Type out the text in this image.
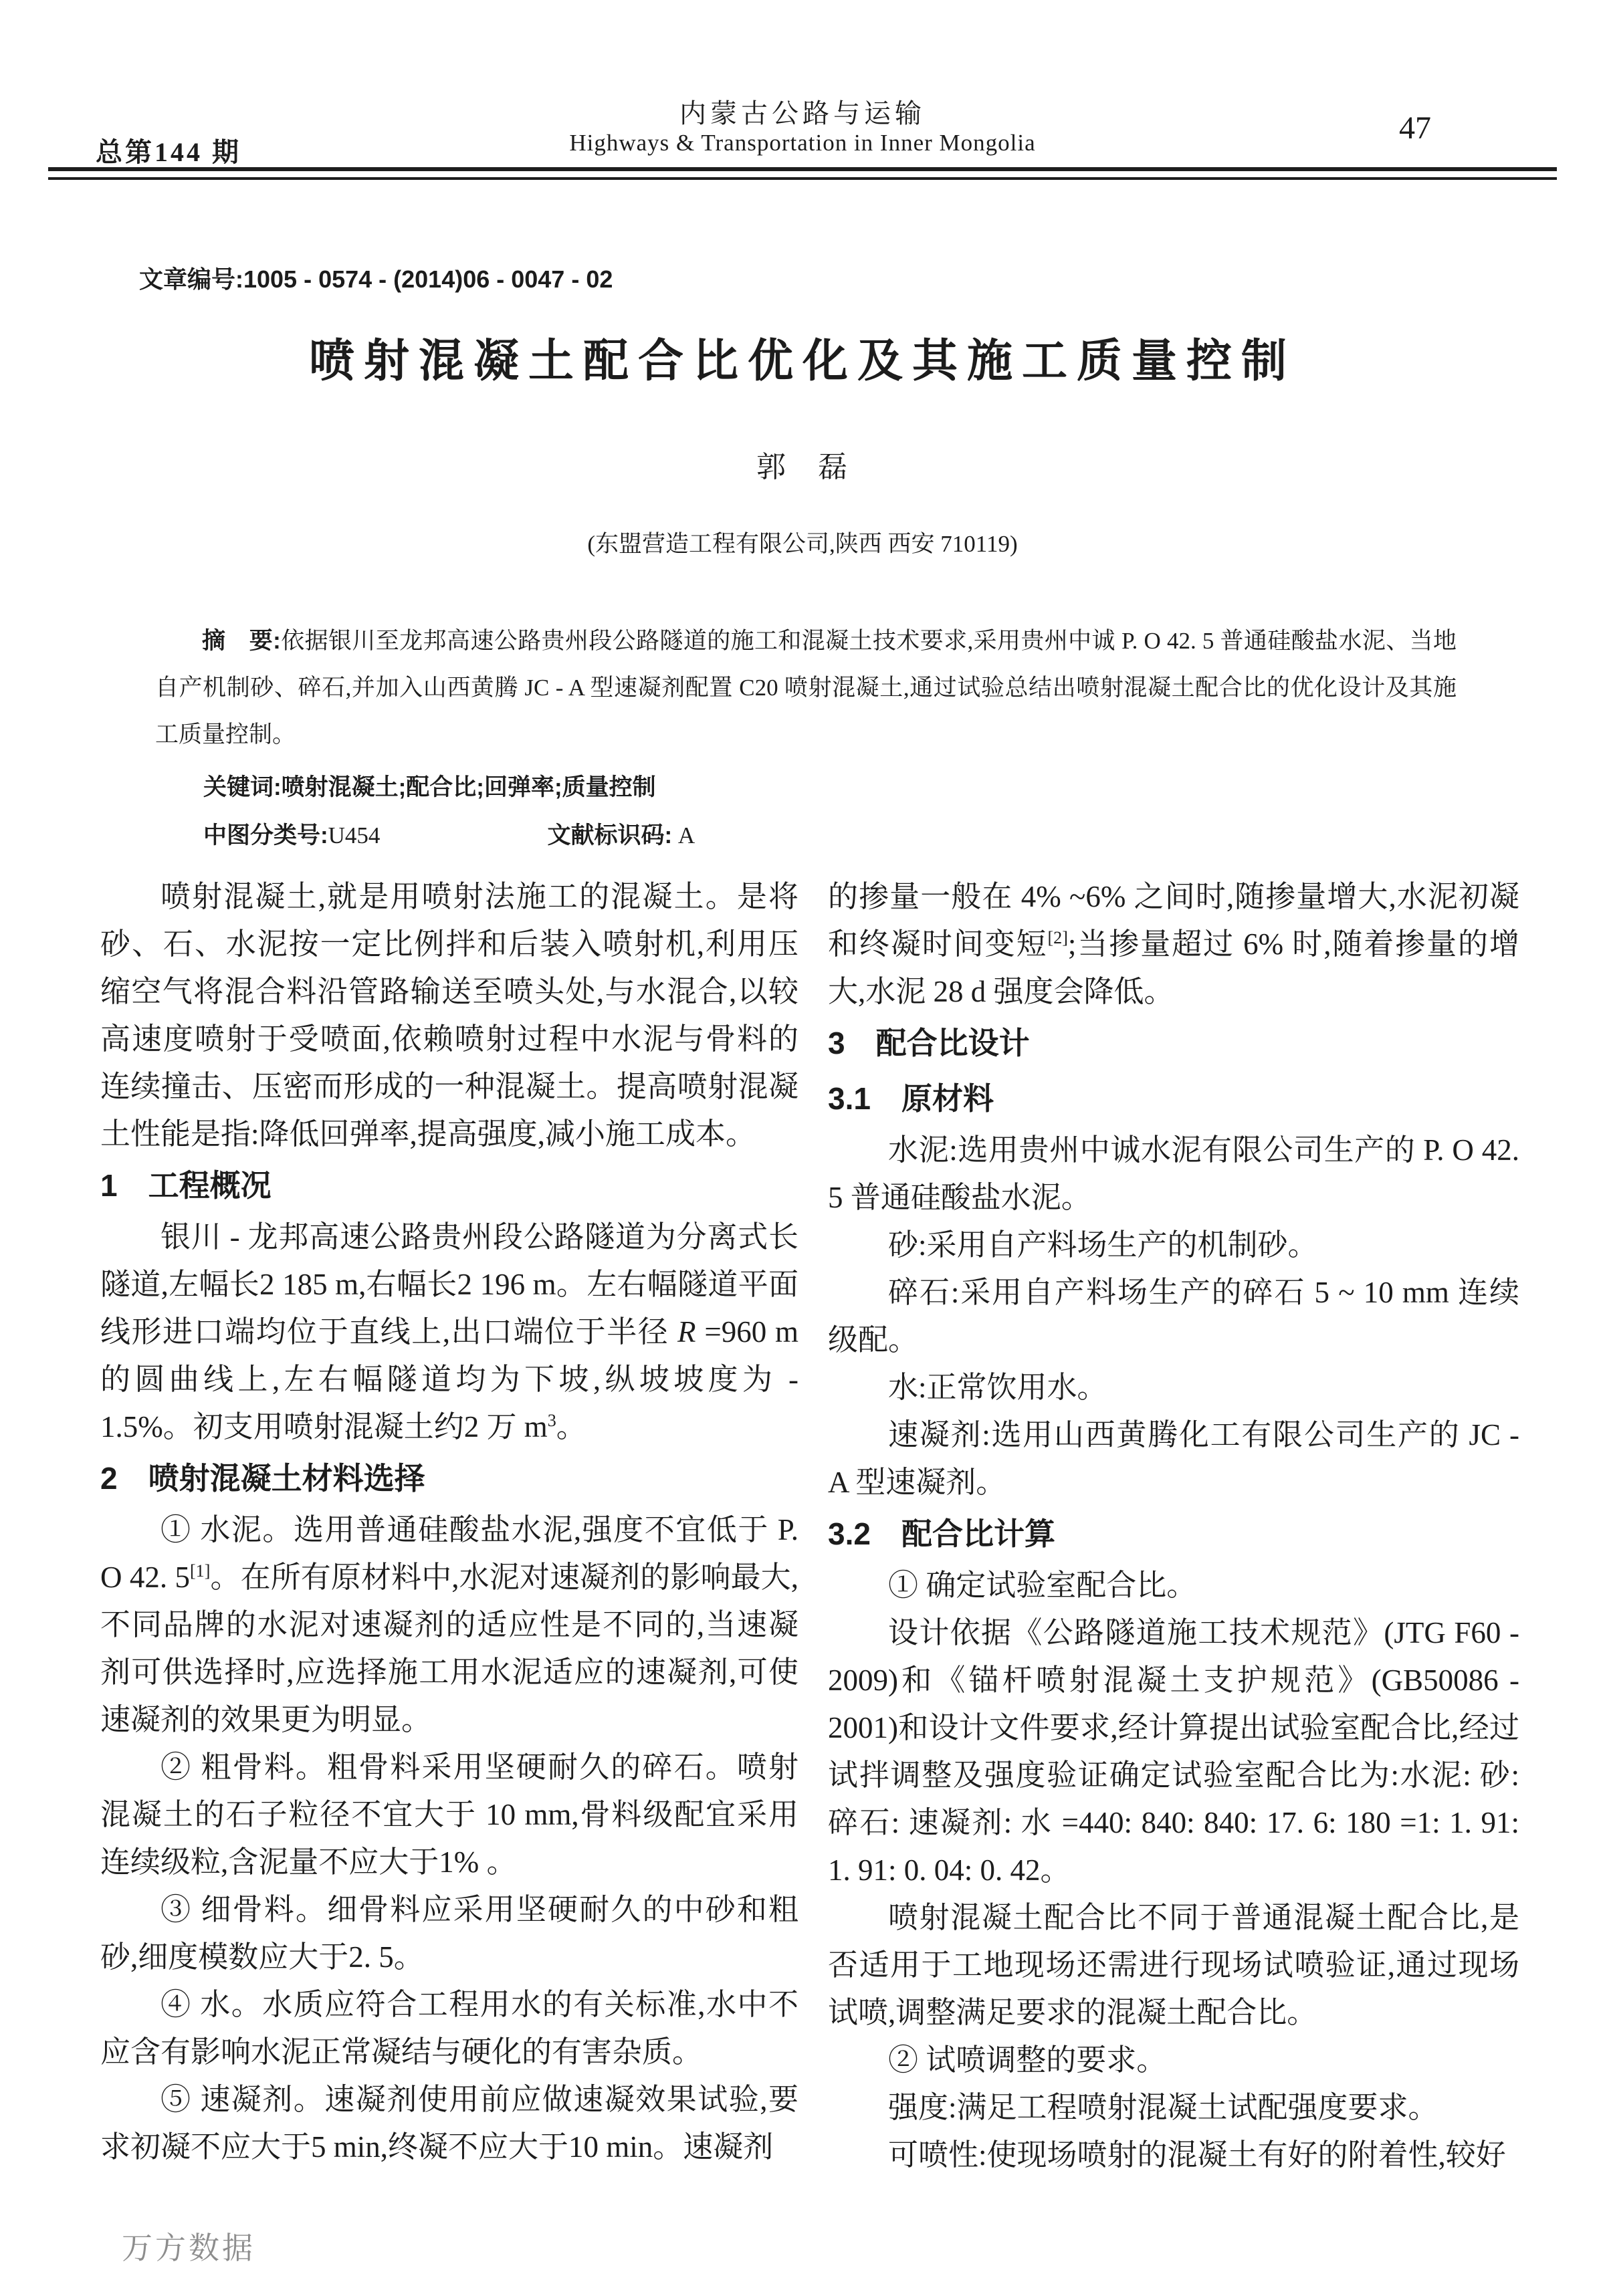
总第144 期
内蒙古公路与运输
Highways & Transportation in Inner Mongolia	47
文章编号:1005 - 0574 - (2014)06 - 0047 - 02
喷射混凝土配合比优化及其施工质量控制
郭　磊
(东盟营造工程有限公司,陕西 西安 710119)
摘　要:依据银川至龙邦高速公路贵州段公路隧道的施工和混凝土技术要求,采用贵州中诚 P. O 42. 5 普通硅酸盐水泥、当地自产机制砂、碎石,并加入山西黄腾 JC - A 型速凝剂配置 C20 喷射混凝土,通过试验总结出喷射混凝土配合比的优化设计及其施工质量控制。
关键词:喷射混凝土;配合比;回弹率;质量控制
中图分类号:U454	文献标识码: A

喷射混凝土,就是用喷射法施工的混凝土。是将砂、石、水泥按一定比例拌和后装入喷射机,利用压缩空气将混合料沿管路输送至喷头处,与水混合,以较高速度喷射于受喷面,依赖喷射过程中水泥与骨料的连续撞击、压密而形成的一种混凝土。提高喷射混凝土性能是指:降低回弹率,提高强度,减小施工成本。

1　工程概况

银川 - 龙邦高速公路贵州段公路隧道为分离式长隧道,左幅长2 185 m,右幅长2 196 m。左右幅隧道平面线形进口端均位于直线上,出口端位于半径 R =960 m 的圆曲线上,左右幅隧道均为下坡,纵坡坡度为 - 1.5%。初支用喷射混凝土约2 万 $m^3$。

2　喷射混凝土材料选择

① 水泥。选用普通硅酸盐水泥,强度不宜低于 P. O 42. 5[1]。在所有原材料中,水泥对速凝剂的影响最大,不同品牌的水泥对速凝剂的适应性是不同的,当速凝剂可供选择时,应选择施工用水泥适应的速凝剂,可使速凝剂的效果更为明显。

② 粗骨料。粗骨料采用坚硬耐久的碎石。喷射混凝土的石子粒径不宜大于 10 mm,骨料级配宜采用连续级粒,含泥量不应大于1% 。

③ 细骨料。细骨料应采用坚硬耐久的中砂和粗砂,细度模数应大于2. 5。

④ 水。水质应符合工程用水的有关标准,水中不应含有影响水泥正常凝结与硬化的有害杂质。

⑤ 速凝剂。速凝剂使用前应做速凝效果试验,要求初凝不应大于5 min,终凝不应大于10 min。速凝剂

的掺量一般在 4% ~6% 之间时,随掺量增大,水泥初凝和终凝时间变短[2];当掺量超过 6% 时,随着掺量的增大,水泥 28 d 强度会降低。

3　配合比设计

3.1　原材料

水泥:选用贵州中诚水泥有限公司生产的 P. O 42. 5 普通硅酸盐水泥。

砂:采用自产料场生产的机制砂。

碎石:采用自产料场生产的碎石 5 ~ 10 mm 连续级配。

水:正常饮用水。

速凝剂:选用山西黄腾化工有限公司生产的 JC - A 型速凝剂。

3.2　配合比计算

① 确定试验室配合比。

设计依据《公路隧道施工技术规范》(JTG F60 - 2009)和《锚杆喷射混凝土支护规范》(GB50086 - 2001)和设计文件要求,经计算提出试验室配合比,经过试拌调整及强度验证确定试验室配合比为:水泥: 砂: 碎石: 速凝剂: 水 =440: 840: 840: 17. 6: 180 =1: 1. 91: 1. 91: 0. 04: 0. 42。

喷射混凝土配合比不同于普通混凝土配合比,是否适用于工地现场还需进行现场试喷验证,通过现场试喷,调整满足要求的混凝土配合比。

② 试喷调整的要求。

强度:满足工程喷射混凝土试配强度要求。

可喷性:使现场喷射的混凝土有好的附着性,较好

万方数据
